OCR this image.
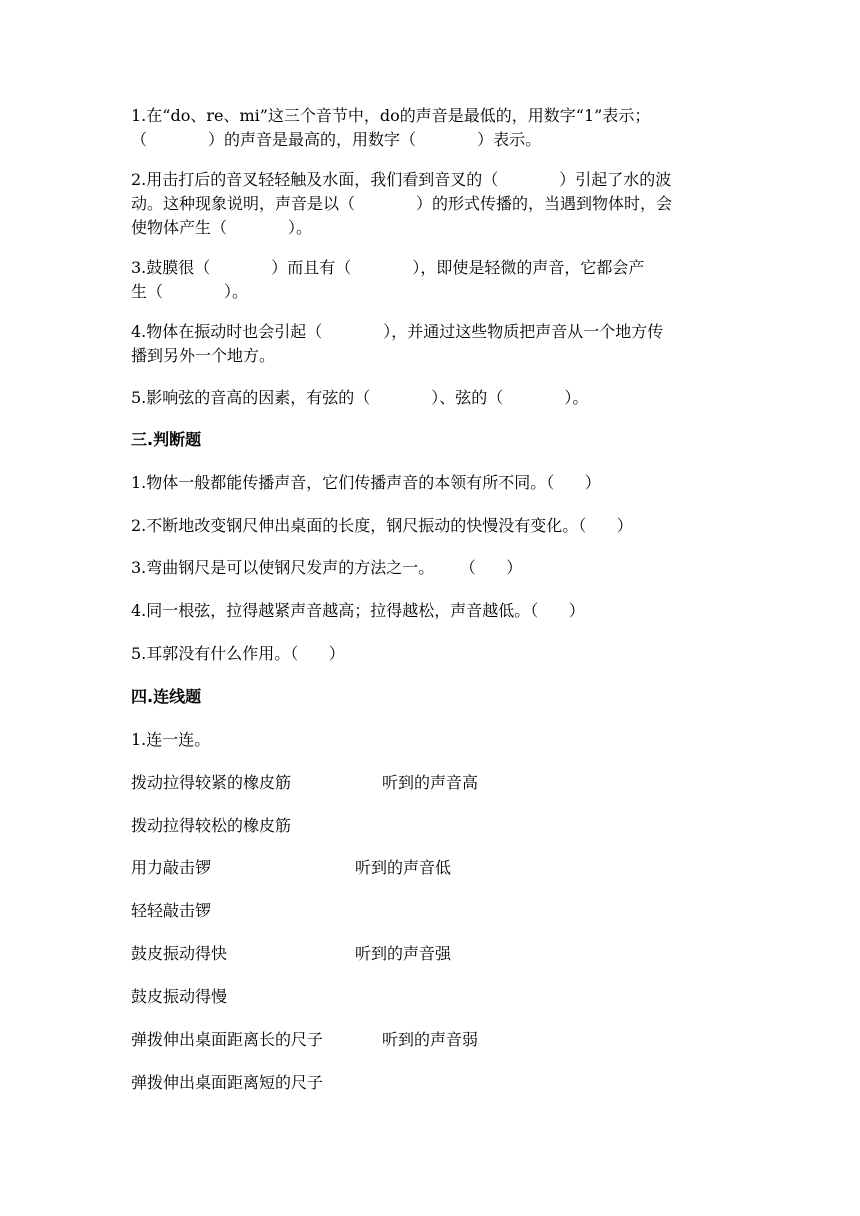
1.在“do、re、mi”这三个音节中，do的声音是最低的，用数字“1”表示；
（            ）的声音是最高的，用数字（            ）表示。
2.用击打后的音叉轻轻触及水面，我们看到音叉的（            ）引起了水的波
动。这种现象说明，声音是以（            ）的形式传播的，当遇到物体时，会
使物体产生（            ）。
3.鼓膜很（            ）而且有（            ），即使是轻微的声音，它都会产
生（            ）。
4.物体在振动时也会引起（            ），并通过这些物质把声音从一个地方传
播到另外一个地方。
5.影响弦的音高的因素，有弦的（            ）、弦的（            ）。
三.判断题
1.物体一般都能传播声音，它们传播声音的本领有所不同。（      ）
2.不断地改变钢尺伸出桌面的长度，钢尺振动的快慢没有变化。（      ）
3.弯曲钢尺是可以使钢尺发声的方法之一。     （      ）
4.同一根弦，拉得越紧声音越高；拉得越松，声音越低。（      ）
5.耳郭没有什么作用。（      ）
四.连线题
1.连一连。
拨动拉得较紧的橡皮筋	听到的声音高
拨动拉得较松的橡皮筋
用力敲击锣	听到的声音低
轻轻敲击锣
鼓皮振动得快	听到的声音强
鼓皮振动得慢
弹拨伸出桌面距离长的尺子	听到的声音弱
弹拨伸出桌面距离短的尺子
